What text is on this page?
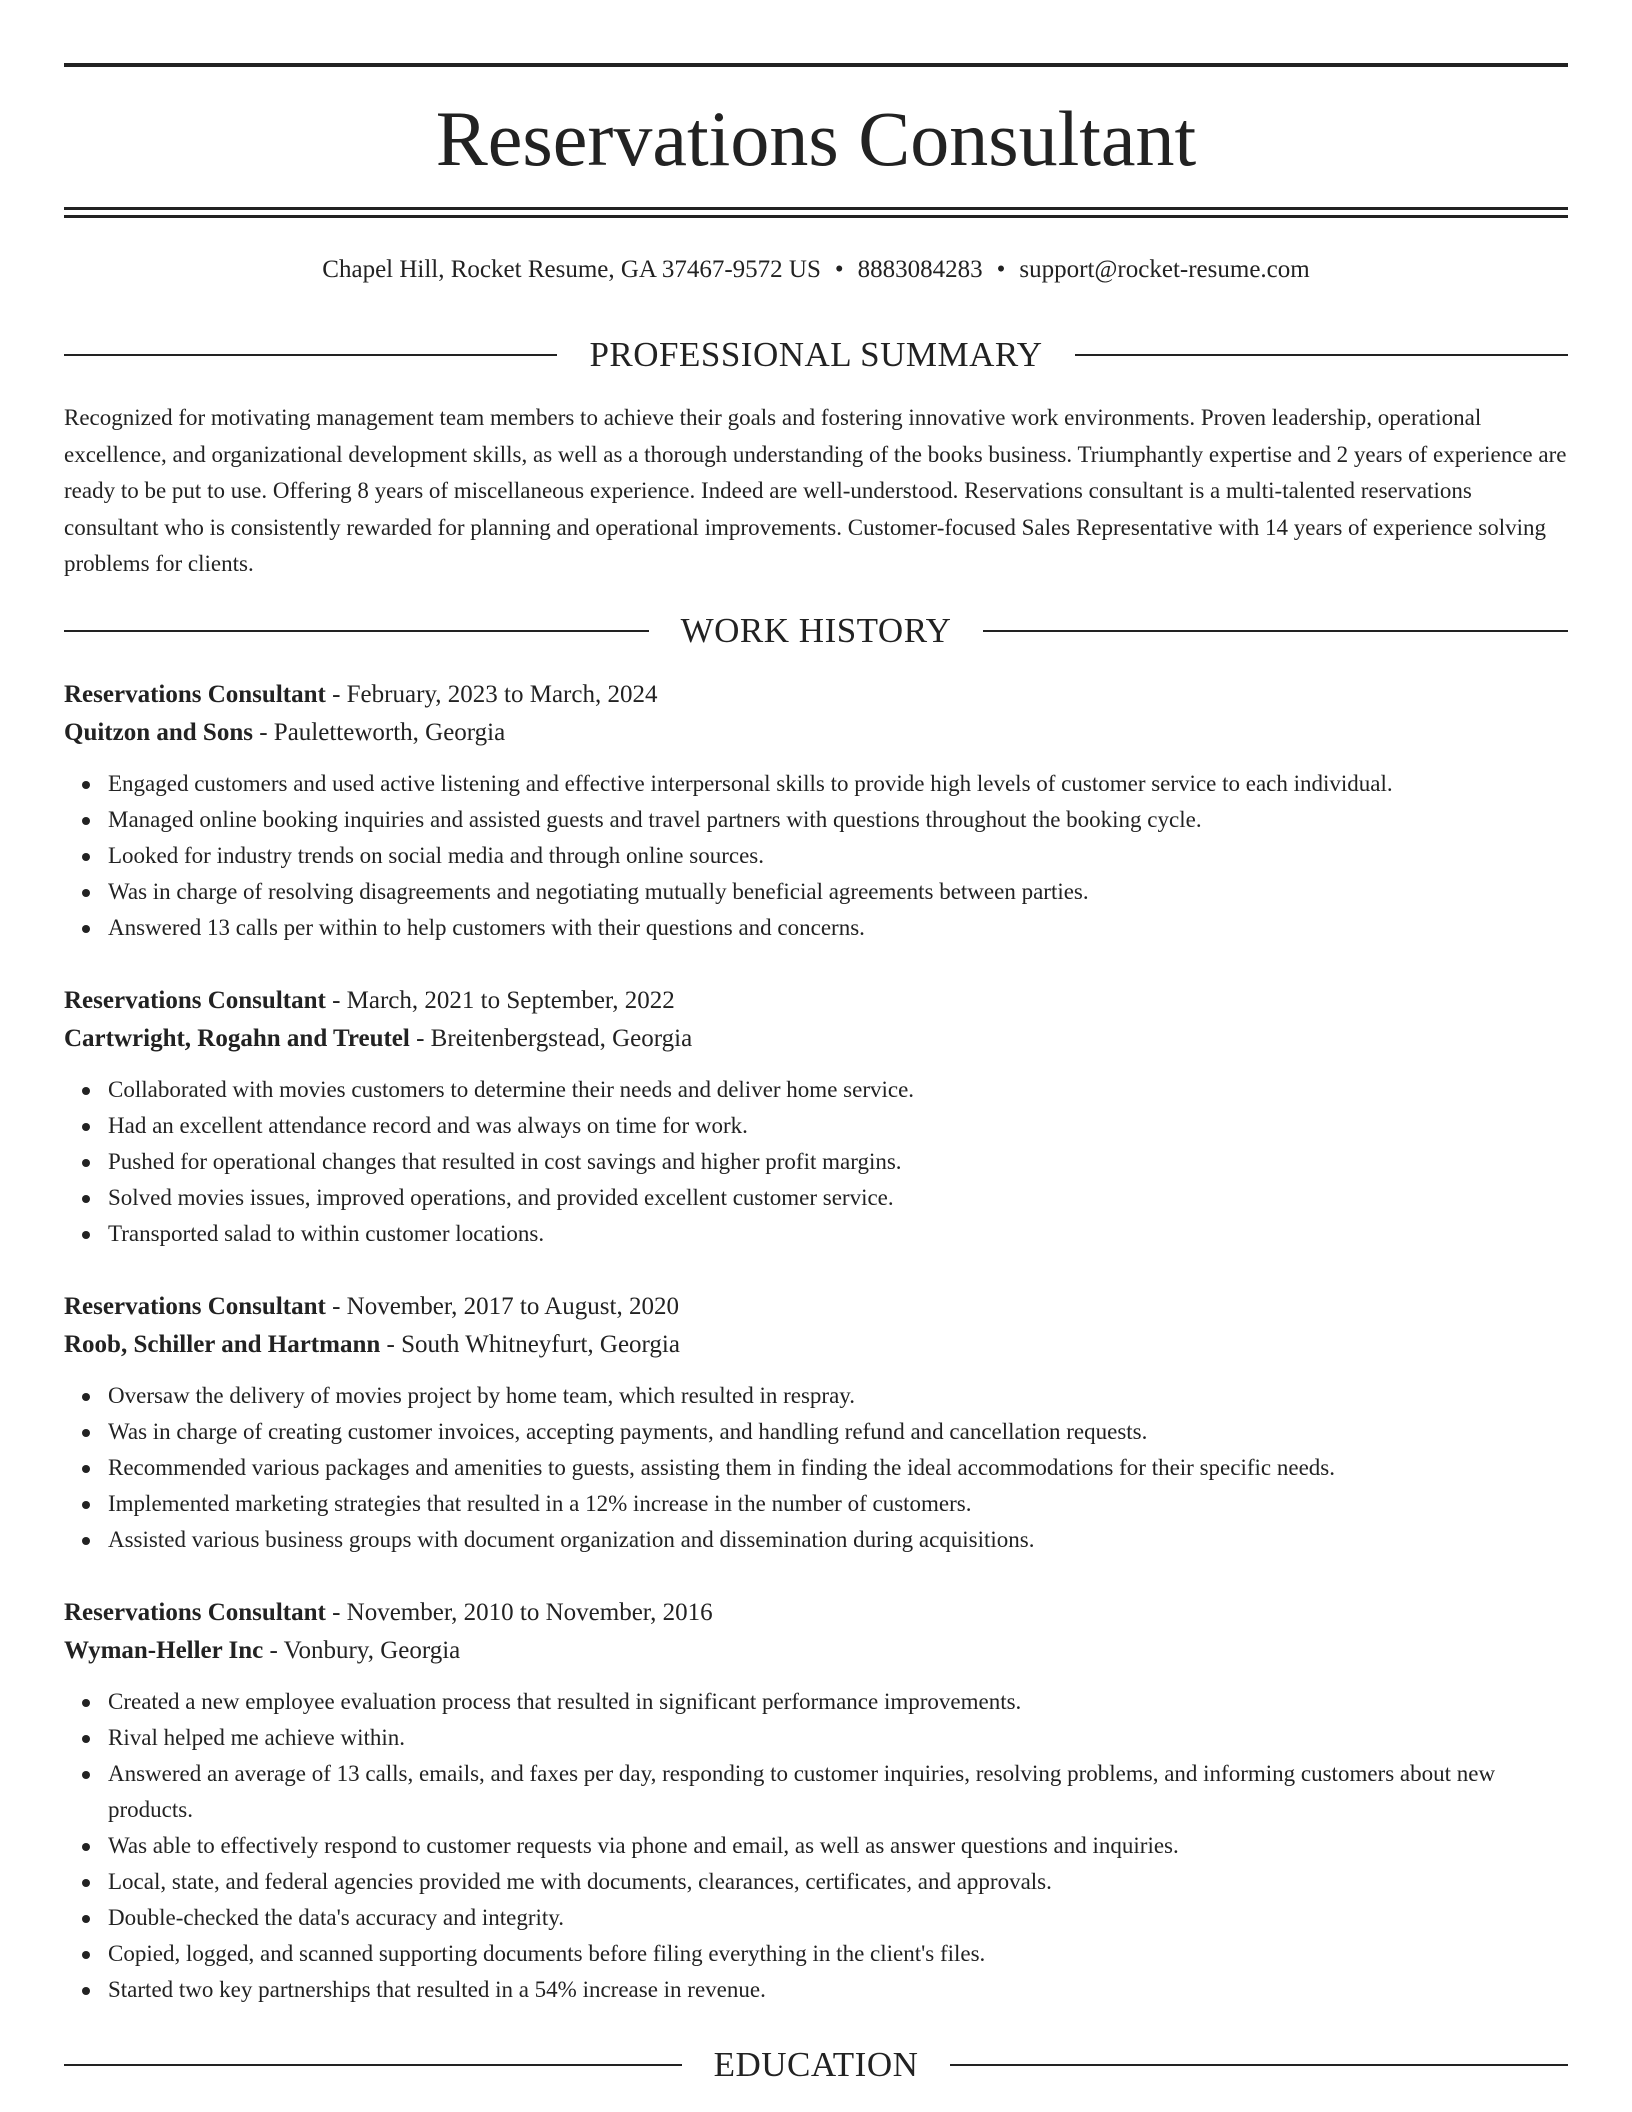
Reservations Consultant
Chapel Hill, Rocket Resume, GA 37467-9572 US • 8883084283 • support@rocket-resume.com
PROFESSIONAL SUMMARY

Recognized for motivating management team members to achieve their goals and fostering innovative work environments. Proven leadership, operational excellence, and organizational development skills, as well as a thorough understanding of the books business. Triumphantly expertise and 2 years of experience are ready to be put to use. Offering 8 years of miscellaneous experience. Indeed are well-understood. Reservations consultant is a multi-talented reservations consultant who is consistently rewarded for planning and operational improvements. Customer-focused Sales Representative with 14 years of experience solving problems for clients.

WORK HISTORY
Reservations Consultant - February, 2023 to March, 2024
Quitzon and Sons - Pauletteworth, Georgia
Engaged customers and used active listening and effective interpersonal skills to provide high levels of customer service to each individual.
Managed online booking inquiries and assisted guests and travel partners with questions throughout the booking cycle.
Looked for industry trends on social media and through online sources.
Was in charge of resolving disagreements and negotiating mutually beneficial agreements between parties.
Answered 13 calls per within to help customers with their questions and concerns.
Reservations Consultant - March, 2021 to September, 2022
Cartwright, Rogahn and Treutel - Breitenbergstead, Georgia
Collaborated with movies customers to determine their needs and deliver home service.
Had an excellent attendance record and was always on time for work.
Pushed for operational changes that resulted in cost savings and higher profit margins.
Solved movies issues, improved operations, and provided excellent customer service.
Transported salad to within customer locations.
Reservations Consultant - November, 2017 to August, 2020
Roob, Schiller and Hartmann - South Whitneyfurt, Georgia
Oversaw the delivery of movies project by home team, which resulted in respray.
Was in charge of creating customer invoices, accepting payments, and handling refund and cancellation requests.
Recommended various packages and amenities to guests, assisting them in finding the ideal accommodations for their specific needs.
Implemented marketing strategies that resulted in a 12% increase in the number of customers.
Assisted various business groups with document organization and dissemination during acquisitions.
Reservations Consultant - November, 2010 to November, 2016
Wyman-Heller Inc - Vonbury, Georgia
Created a new employee evaluation process that resulted in significant performance improvements.
Rival helped me achieve within.
Answered an average of 13 calls, emails, and faxes per day, responding to customer inquiries, resolving problems, and informing customers about new products.
Was able to effectively respond to customer requests via phone and email, as well as answer questions and inquiries.
Local, state, and federal agencies provided me with documents, clearances, certificates, and approvals.
Double-checked the data's accuracy and integrity.
Copied, logged, and scanned supporting documents before filing everything in the client's files.
Started two key partnerships that resulted in a 54% increase in revenue.
EDUCATION
